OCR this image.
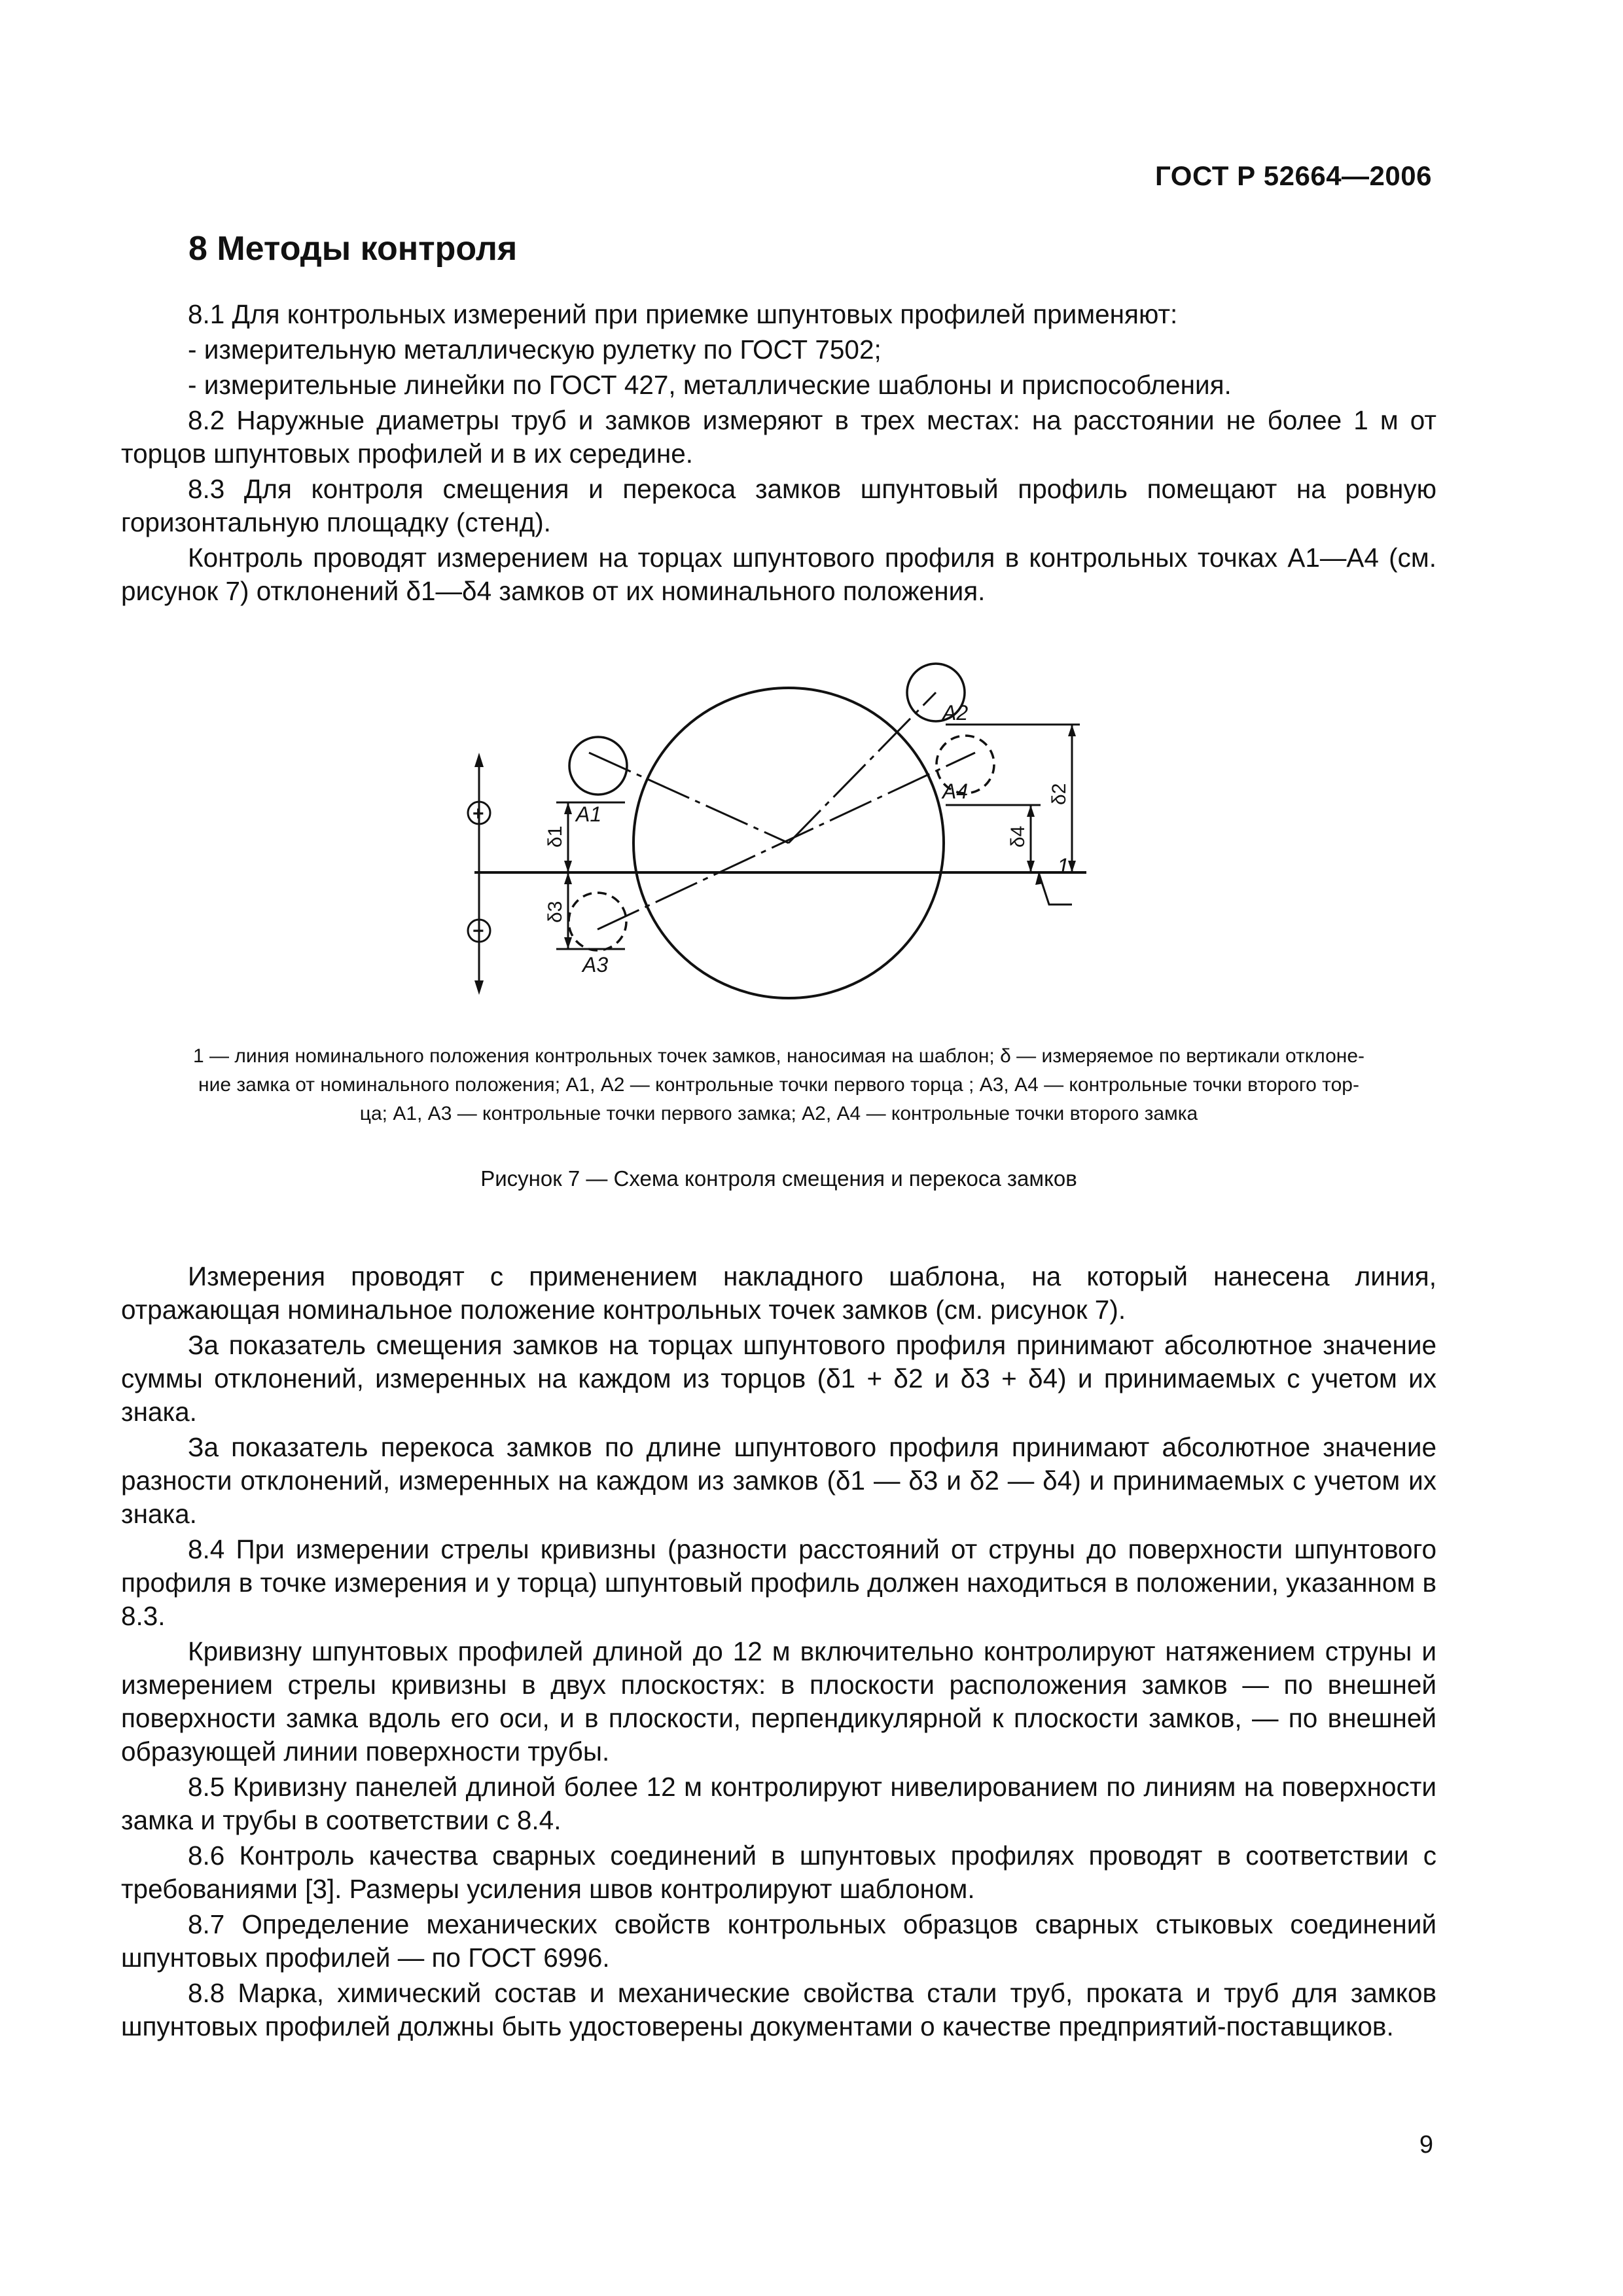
ГОСТ Р 52664—2006
8 Методы контроля

8.1 Для контрольных измерений при приемке шпунтовых профилей применяют:

- измерительную металлическую рулетку по ГОСТ 7502;

- измерительные линейки по ГОСТ 427, металлические шаблоны и приспособления.

8.2 Наружные диаметры труб и замков измеряют в трех местах: на расстоянии не более 1 м от торцов шпунтовых профилей и в их середине.

8.3 Для контроля смещения и перекоса замков шпунтовый профиль помещают на ровную горизонтальную площадку (стенд).

Контроль проводят измерением на торцах шпунтового профиля в контрольных точках А1—А4 (см. рисунок 7) отклонений δ1—δ4 замков от их номинального положения.

А1
А2
А3
А4
1
δ1
δ3
δ2
δ4
+
−

1 — линия номинального положения контрольных точек замков, наносимая на шаблон; δ — измеряемое по вертикали отклоне-

ние замка от номинального положения; А1, А2 — контрольные точки первого торца ; А3, А4 — контрольные точки второго тор-

ца; А1, А3 — контрольные точки первого замка; А2, А4 — контрольные точки второго замка

Рисунок 7 — Схема контроля смещения и перекоса замков

Измерения проводят с применением накладного шаблона, на который нанесена линия, отражающая номинальное положение контрольных точек замков (см. рисунок 7).

За показатель смещения замков на торцах шпунтового профиля принимают абсолютное значение суммы отклонений, измеренных на каждом из торцов (δ1 + δ2 и δ3 + δ4) и принимаемых с учетом их знака.

За показатель перекоса замков по длине шпунтового профиля принимают абсолютное значение разности отклонений, измеренных на каждом из замков (δ1 — δ3 и δ2 — δ4) и принимаемых с учетом их знака.

8.4 При измерении стрелы кривизны (разности расстояний от струны до поверхности шпунтового профиля в точке измерения и у торца) шпунтовый профиль должен находиться в положении, указанном в 8.3.

Кривизну шпунтовых профилей длиной до 12 м включительно контролируют натяжением струны и измерением стрелы кривизны в двух плоскостях: в плоскости расположения замков — по внешней поверхности замка вдоль его оси, и в плоскости, перпендикулярной к плоскости замков, — по внешней образующей линии поверхности трубы.

8.5 Кривизну панелей длиной более 12 м контролируют нивелированием по линиям на поверхности замка и трубы в соответствии с 8.4.

8.6 Контроль качества сварных соединений в шпунтовых профилях проводят в соответствии с требованиями [3]. Размеры усиления швов контролируют шаблоном.

8.7 Определение механических свойств контрольных образцов сварных стыковых соединений шпунтовых профилей — по ГОСТ 6996.

8.8 Марка, химический состав и механические свойства стали труб, проката и труб для замков шпунтовых профилей должны быть удостоверены документами о качестве предприятий-поставщиков.

9
